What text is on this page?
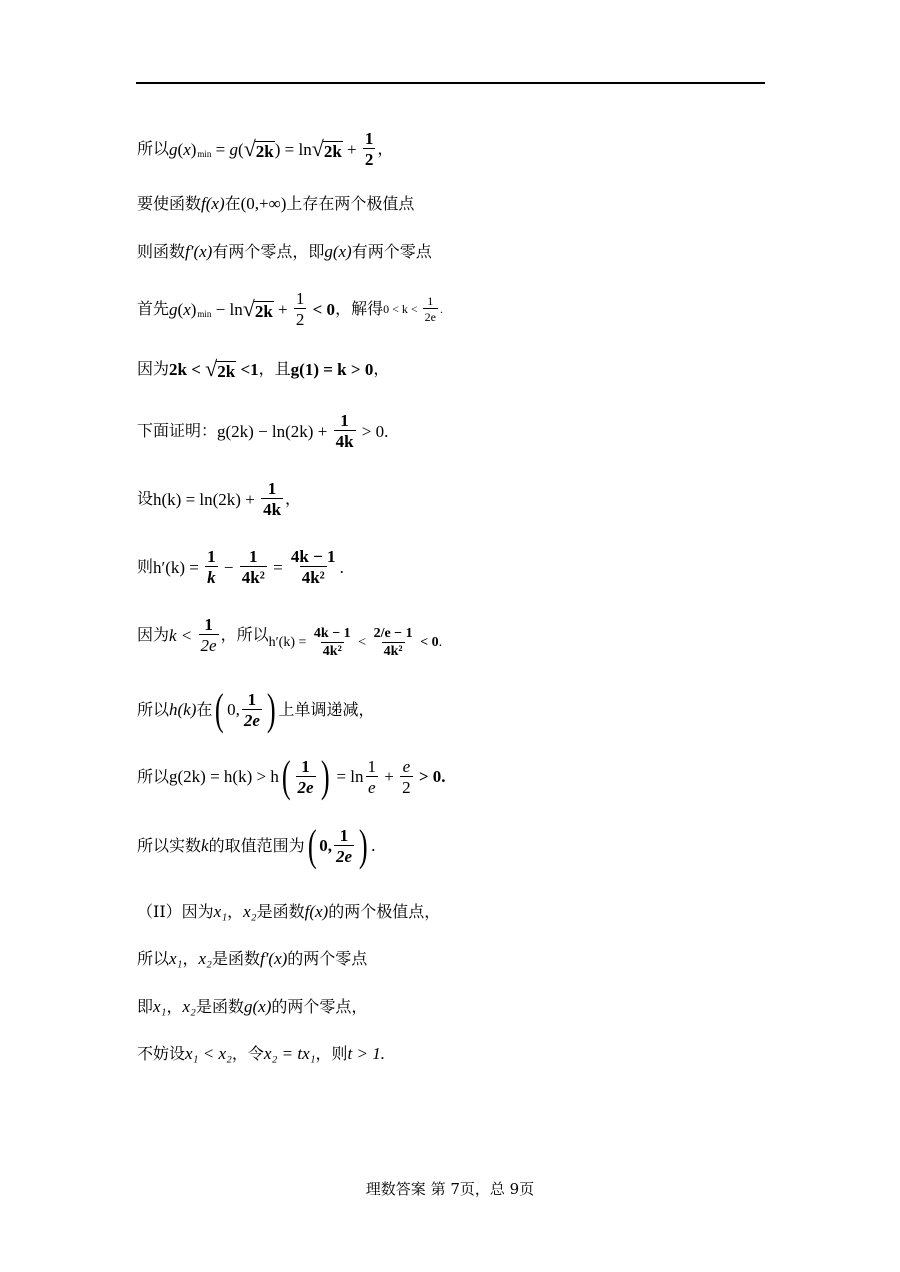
所以 g ( x ) min = g ( √ 2k ) = ln √ $2k + \frac{1}{2}$ ，
要使函数 f(x) 在 (0,+∞) 上存在两个极值点
则函数 f′(x) 有两个零点，即 g(x) 有两个零点
首先 g ( x ) min − ln √ $2k + \frac{1}{2} < 0$ ，解得 $0 < k < \frac{1}{2e}$ .
因为 2k < √ 2k <1 ，且 g(1) = k > 0 ，
下面证明： $g(2k) - \ln(2k) + \frac{1}{4k} > 0$.
设 $h(k) = \ln(2k) + \frac{1}{4k}$ ，
则 $h'(k) = \frac{1}{k} - \frac{1}{\text{4k²}} = \frac{4k - 1}{\text{4k²}}$ .
因为 $k < \frac{1}{2e}$ ，所以 $h'(k) = \frac{4k - 1}{\text{4k²}} < \frac{2/e - 1}{\text{4k²}} < 0$ .
所以 h(k) 在 ( 0, $\frac{1}{2e}$ ) 上单调递减，
所以 g(2k) = h(k) > h ( $\frac{1}{2e}$ ) = $\ln \frac{1}{e} + \frac{e}{2} > 0$.
所以实数 k 的取值范围为 ( 0, $\frac{1}{2e}$ ) .
（II）因为 x₁ ， x₂ 是函数 f(x) 的两个极值点，
所以 x₁ ， x₂ 是函数 f′(x) 的两个零点
即 x₁ ， x₂ 是函数 g(x) 的两个零点，
不妨设 x₁ < x₂ ，令 x₂ = tx₁ ，则 t > 1.
理数答案 第 7页，总 9页
